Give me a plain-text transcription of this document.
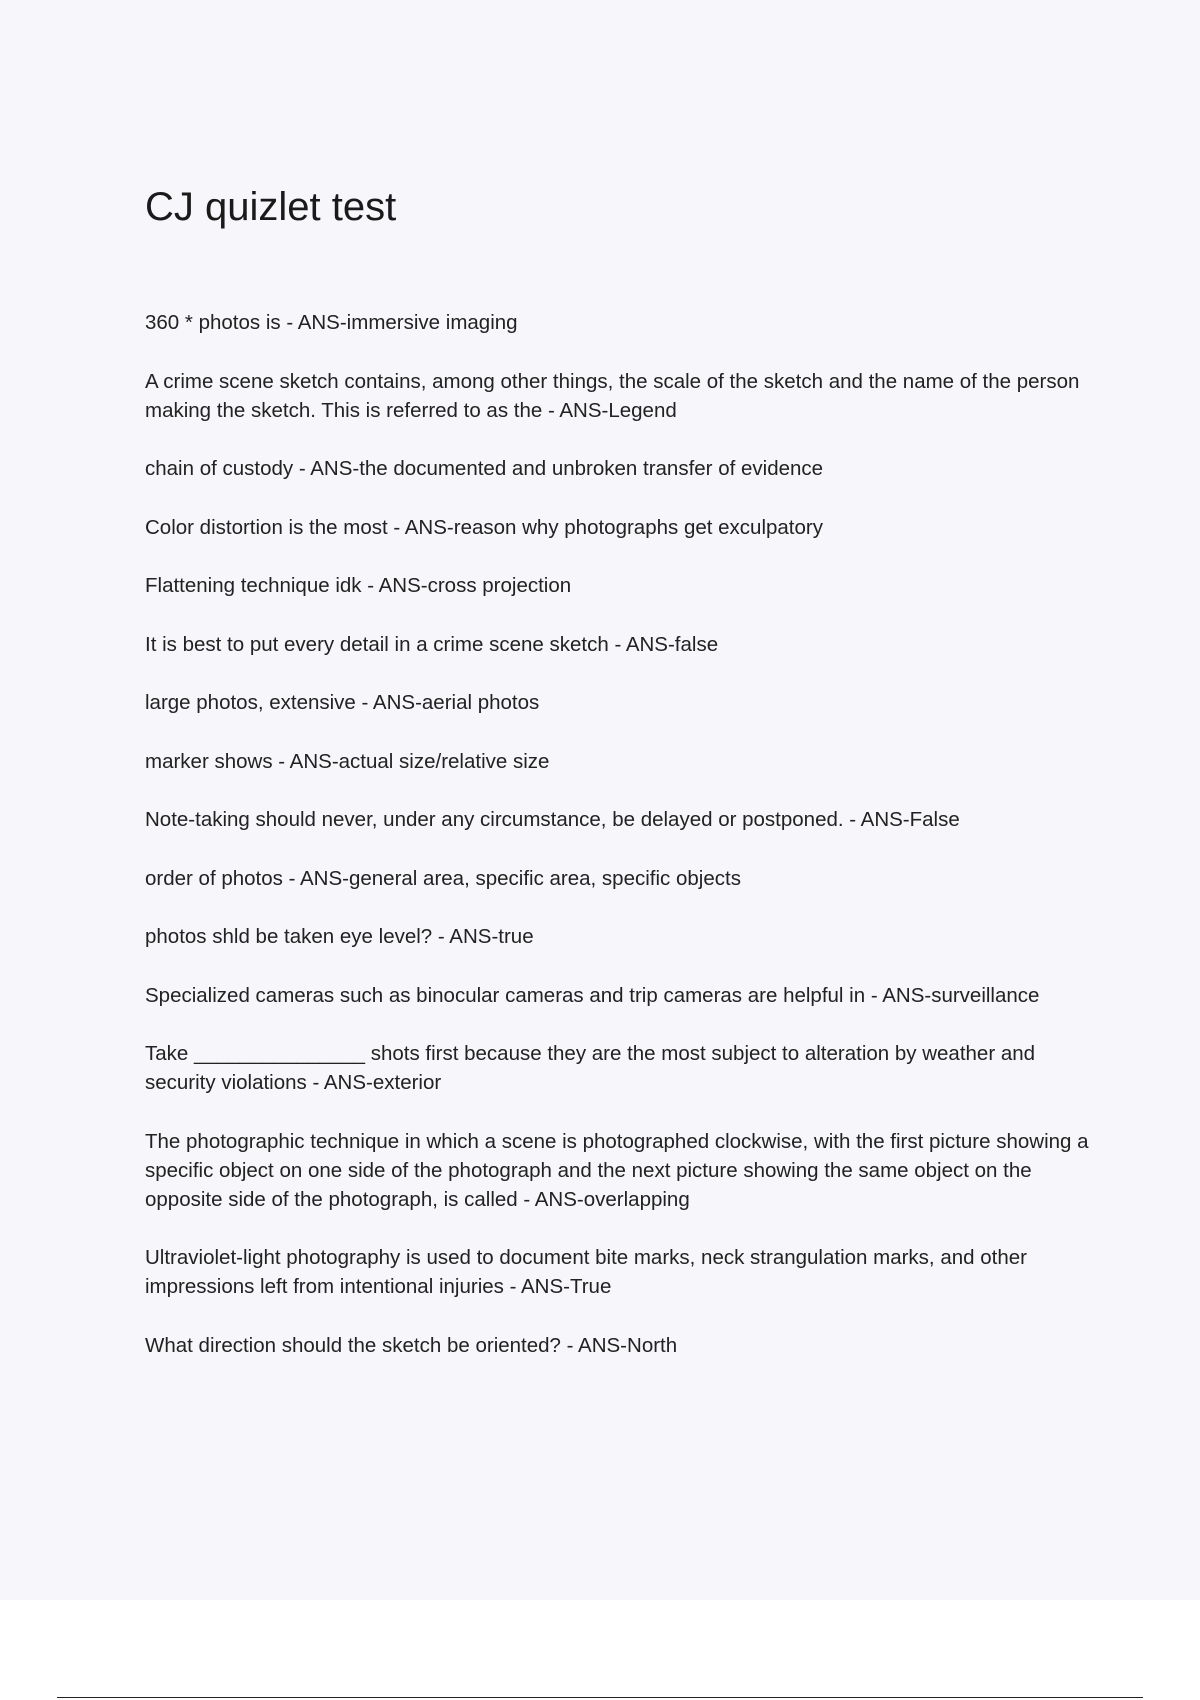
CJ quizlet test
360 * photos is - ANS-immersive imaging
A crime scene sketch contains, among other things, the scale of the sketch and the name of the person making the sketch. This is referred to as the - ANS-Legend
chain of custody - ANS-the documented and unbroken transfer of evidence
Color distortion is the most - ANS-reason why photographs get exculpatory
Flattening technique idk - ANS-cross projection
It is best to put every detail in a crime scene sketch - ANS-false
large photos, extensive - ANS-aerial photos
marker shows - ANS-actual size/relative size
Note-taking should never, under any circumstance, be delayed or postponed. - ANS-False
order of photos - ANS-general area, specific area, specific objects
photos shld be taken eye level? - ANS-true
Specialized cameras such as binocular cameras and trip cameras are helpful in - ANS-surveillance
Take _______________ shots first because they are the most subject to alteration by weather and security violations - ANS-exterior
The photographic technique in which a scene is photographed clockwise, with the first picture showing a specific object on one side of the photograph and the next picture showing the same object on the opposite side of the photograph, is called - ANS-overlapping
Ultraviolet-light photography is used to document bite marks, neck strangulation marks, and other impressions left from intentional injuries - ANS-True
What direction should the sketch be oriented? - ANS-North
